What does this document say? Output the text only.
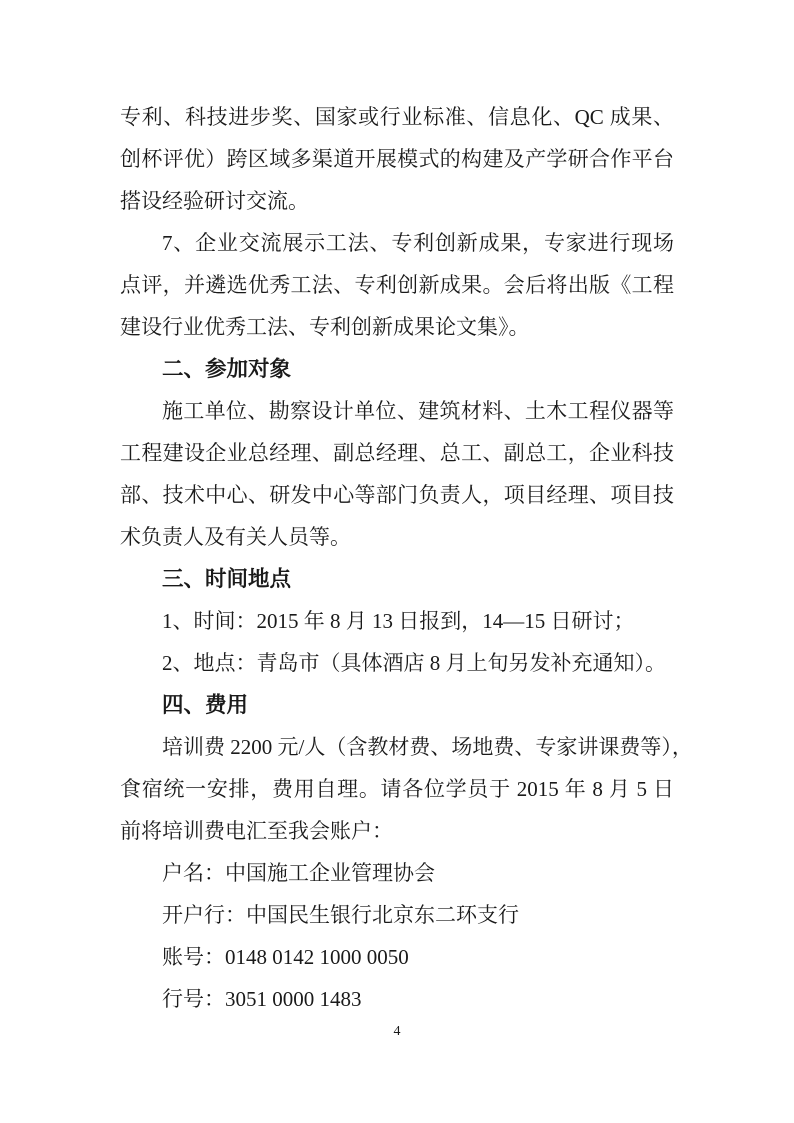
专利、科技进步奖、国家或行业标准、信息化、QC 成果、
创杯评优）跨区域多渠道开展模式的构建及产学研合作平台
搭设经验研讨交流。
7、企业交流展示工法、专利创新成果，专家进行现场
点评，并遴选优秀工法、专利创新成果。会后将出版《工程
建设行业优秀工法、专利创新成果论文集》。
二、参加对象
施工单位、勘察设计单位、建筑材料、土木工程仪器等
工程建设企业总经理、副总经理、总工、副总工，企业科技
部、技术中心、研发中心等部门负责人，项目经理、项目技
术负责人及有关人员等。
三、时间地点
1、时间：2015 年 8 月 13 日报到，14—15 日研讨；
2、地点：青岛市（具体酒店 8 月上旬另发补充通知）。
四、费用
培训费 2200 元/人（含教材费、场地费、专家讲课费等），
食宿统一安排，费用自理。请各位学员于 2015 年 8 月 5 日
前将培训费电汇至我会账户：
户名：中国施工企业管理协会
开户行：中国民生银行北京东二环支行
账号：0148 0142 1000 0050
行号：3051 0000 1483
4
